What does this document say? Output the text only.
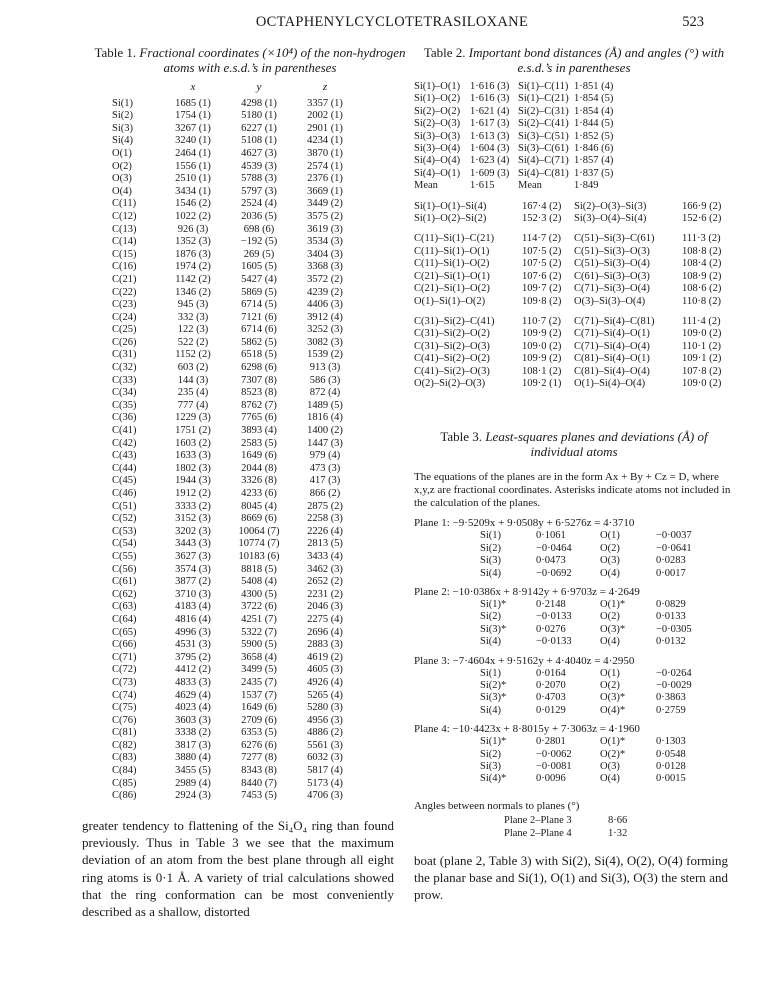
OCTAPHENYLCYCLOTETRASILOXANE	523
Table 1. Fractional coordinates (×10⁴) of the non-hydrogen atoms with e.s.d.’s in parentheses
	x	y	z
Si(1)	1685 (1)	4298 (1)	3357 (1)
Si(2)	1754 (1)	5180 (1)	2002 (1)
Si(3)	3267 (1)	6227 (1)	2901 (1)
Si(4)	3240 (1)	5108 (1)	4234 (1)
O(1)	2464 (1)	4627 (3)	3870 (1)
O(2)	1556 (1)	4539 (3)	2574 (1)
O(3)	2510 (1)	5788 (3)	2376 (1)
O(4)	3434 (1)	5797 (3)	3669 (1)
C(11)	1546 (2)	2524 (4)	3449 (2)
C(12)	1022 (2)	2036 (5)	3575 (2)
C(13)	926 (3)	698 (6)	3619 (3)
C(14)	1352 (3)	−192 (5)	3534 (3)
C(15)	1876 (3)	269 (5)	3404 (3)
C(16)	1974 (2)	1605 (5)	3368 (3)
C(21)	1142 (2)	5427 (4)	3572 (2)
C(22)	1346 (2)	5869 (5)	4239 (2)
C(23)	945 (3)	6714 (5)	4406 (3)
C(24)	332 (3)	7121 (6)	3912 (4)
C(25)	122 (3)	6714 (6)	3252 (3)
C(26)	522 (2)	5862 (5)	3082 (3)
C(31)	1152 (2)	6518 (5)	1539 (2)
C(32)	603 (2)	6298 (6)	913 (3)
C(33)	144 (3)	7307 (8)	586 (3)
C(34)	235 (4)	8523 (8)	872 (4)
C(35)	777 (4)	8762 (7)	1489 (5)
C(36)	1229 (3)	7765 (6)	1816 (4)
C(41)	1751 (2)	3893 (4)	1400 (2)
C(42)	1603 (2)	2583 (5)	1447 (3)
C(43)	1633 (3)	1649 (6)	979 (4)
C(44)	1802 (3)	2044 (8)	473 (3)
C(45)	1944 (3)	3326 (8)	417 (3)
C(46)	1912 (2)	4233 (6)	866 (2)
C(51)	3333 (2)	8045 (4)	2875 (2)
C(52)	3152 (3)	8669 (6)	2258 (3)
C(53)	3202 (3)	10064 (7)	2226 (4)
C(54)	3443 (3)	10774 (7)	2813 (5)
C(55)	3627 (3)	10183 (6)	3433 (4)
C(56)	3574 (3)	8818 (5)	3462 (3)
C(61)	3877 (2)	5408 (4)	2652 (2)
C(62)	3710 (3)	4300 (5)	2231 (2)
C(63)	4183 (4)	3722 (6)	2046 (3)
C(64)	4816 (4)	4251 (7)	2275 (4)
C(65)	4996 (3)	5322 (7)	2696 (4)
C(66)	4531 (3)	5900 (5)	2883 (3)
C(71)	3795 (2)	3658 (4)	4619 (2)
C(72)	4412 (2)	3499 (5)	4605 (3)
C(73)	4833 (3)	2435 (7)	4926 (4)
C(74)	4629 (4)	1537 (7)	5265 (4)
C(75)	4023 (4)	1649 (6)	5280 (3)
C(76)	3603 (3)	2709 (6)	4956 (3)
C(81)	3338 (2)	6353 (5)	4886 (2)
C(82)	3817 (3)	6276 (6)	5561 (3)
C(83)	3880 (4)	7277 (8)	6032 (3)
C(84)	3455 (5)	8343 (8)	5817 (4)
C(85)	2989 (4)	8440 (7)	5173 (4)
C(86)	2924 (3)	7453 (5)	4706 (3)
Table 2. Important bond distances (Å) and angles (°) with e.s.d.’s in parentheses
Si(1)–O(1)	1·616 (3)	Si(1)–C(11)	1·851 (4)
Si(1)–O(2)	1·616 (3)	Si(1)–C(21)	1·854 (5)
Si(2)–O(2)	1·621 (4)	Si(2)–C(31)	1·854 (4)
Si(2)–O(3)	1·617 (3)	Si(2)–C(41)	1·844 (5)
Si(3)–O(3)	1·613 (3)	Si(3)–C(51)	1·852 (5)
Si(3)–O(4)	1·604 (3)	Si(3)–C(61)	1·846 (6)
Si(4)–O(4)	1·623 (4)	Si(4)–C(71)	1·857 (4)
Si(4)–O(1)	1·609 (3)	Si(4)–C(81)	1·837 (5)
Mean	1·615	Mean	1·849
Si(1)–O(1)–Si(4)	167·4 (2)	Si(2)–O(3)–Si(3)	166·9 (2)
Si(1)–O(2)–Si(2)	152·3 (2)	Si(3)–O(4)–Si(4)	152·6 (2)
C(11)–Si(1)–C(21)	114·7 (2)	C(51)–Si(3)–C(61)	111·3 (2)
C(11)–Si(1)–O(1)	107·5 (2)	C(51)–Si(3)–O(3)	108·8 (2)
C(11)–Si(1)–O(2)	107·5 (2)	C(51)–Si(3)–O(4)	108·4 (2)
C(21)–Si(1)–O(1)	107·6 (2)	C(61)–Si(3)–O(3)	108·9 (2)
C(21)–Si(1)–O(2)	109·7 (2)	C(71)–Si(3)–O(4)	108·6 (2)
O(1)–Si(1)–O(2)	109·8 (2)	O(3)–Si(3)–O(4)	110·8 (2)
C(31)–Si(2)–C(41)	110·7 (2)	C(71)–Si(4)–C(81)	111·4 (2)
C(31)–Si(2)–O(2)	109·9 (2)	C(71)–Si(4)–O(1)	109·0 (2)
C(31)–Si(2)–O(3)	109·0 (2)	C(71)–Si(4)–O(4)	110·1 (2)
C(41)–Si(2)–O(2)	109·9 (2)	C(81)–Si(4)–O(1)	109·1 (2)
C(41)–Si(2)–O(3)	108·1 (2)	C(81)–Si(4)–O(4)	107·8 (2)
O(2)–Si(2)–O(3)	109·2 (1)	O(1)–Si(4)–O(4)	109·0 (2)
Table 3. Least-squares planes and deviations (Å) of individual atoms
The equations of the planes are in the form Ax + By + Cz = D, where x,y,z are fractional coordinates. Asterisks indicate atoms not included in the calculation of the planes.
Plane 1: −9·5209x + 9·0508y + 6·5276z = 4·3710
Si(1)	0·1061	O(1)	−0·0037
Si(2)	−0·0464	O(2)	−0·0641
Si(3)	0·0473	O(3)	0·0283
Si(4)	−0·0692	O(4)	0·0017
Plane 2: −10·0386x + 8·9142y + 6·9703z = 4·2649
Si(1)*	0·2148	O(1)*	0·0829
Si(2)	−0·0133	O(2)	0·0133
Si(3)*	0·0276	O(3)*	−0·0305
Si(4)	−0·0133	O(4)	0·0132
Plane 3: −7·4604x + 9·5162y + 4·4040z = 4·2950
Si(1)	0·0164	O(1)	−0·0264
Si(2)*	0·2070	O(2)	−0·0029
Si(3)*	0·4703	O(3)*	0·3863
Si(4)	0·0129	O(4)*	0·2759
Plane 4: −10·4423x + 8·8015y + 7·3063z = 4·1960
Si(1)*	0·2801	O(1)*	0·1303
Si(2)	−0·0062	O(2)*	0·0548
Si(3)	−0·0081	O(3)	0·0128
Si(4)*	0·0096	O(4)	0·0015
Angles between normals to planes (°)
Plane 2–Plane 3	8·66
Plane 2–Plane 4	1·32
greater tendency to flattening of the Si₄O₄ ring than found previously. Thus in Table 3 we see that the maximum deviation of an atom from the best plane through all eight ring atoms is 0·1 Å. A variety of trial calculations showed that the ring conformation can be most conveniently described as a shallow, distorted
boat (plane 2, Table 3) with Si(2), Si(4), O(2), O(4) forming the planar base and Si(1), O(1) and Si(3), O(3) the stern and prow.
